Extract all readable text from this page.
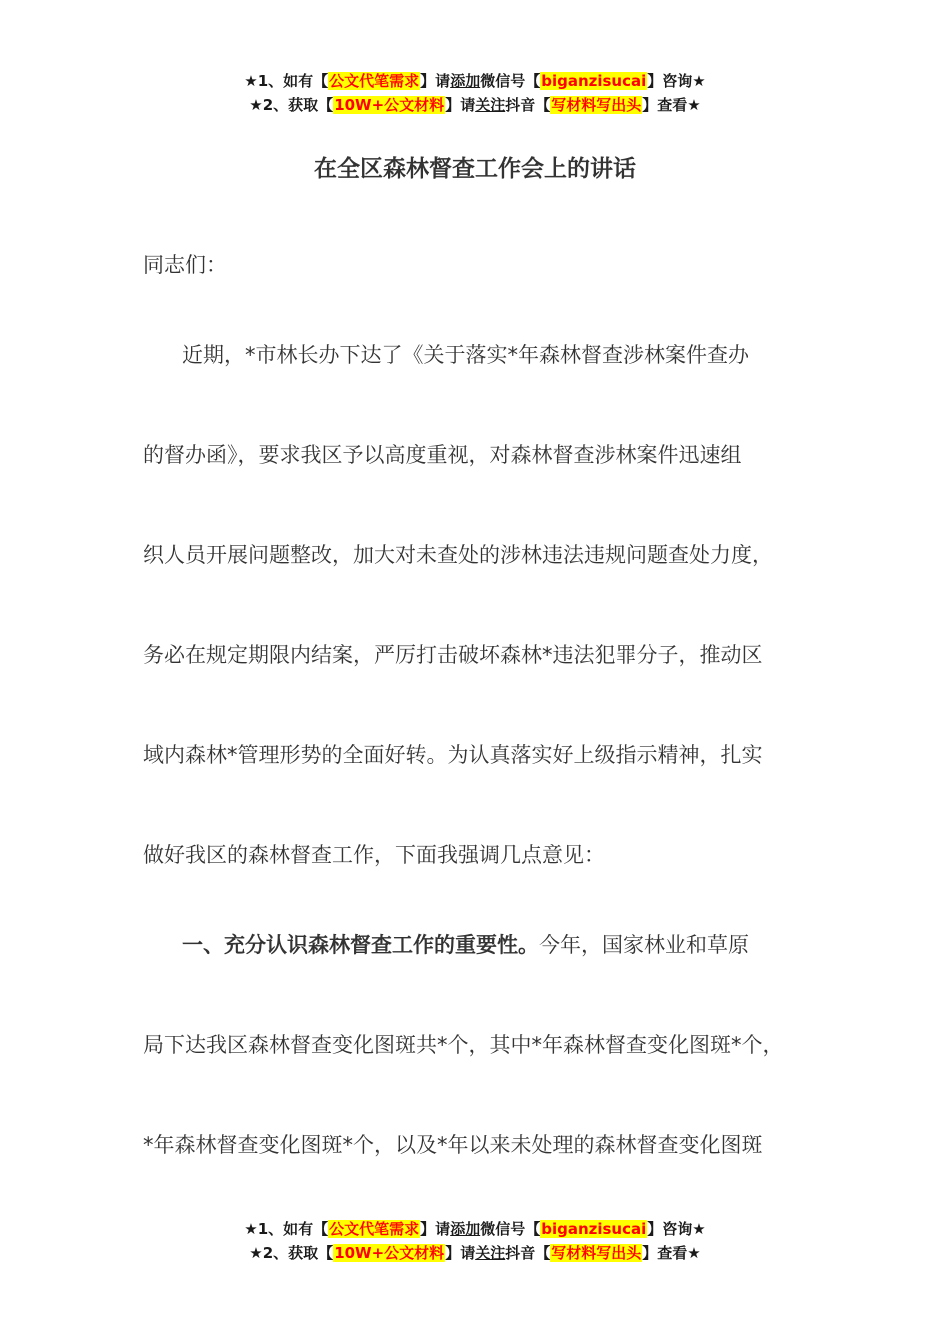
★1、如有【公文代笔需求】请添加微信号【biganzisucai】咨询★
★2、获取【10W+公文材料】请关注抖音【写材料写出头】查看★
在全区森林督查工作会上的讲话
同志们：
近期，*市林长办下达了《关于落实*年森林督查涉林案件查办
的督办函》，要求我区予以高度重视，对森林督查涉林案件迅速组
织人员开展问题整改，加大对未查处的涉林违法违规问题查处力度，
务必在规定期限内结案，严厉打击破坏森林*违法犯罪分子，推动区
域内森林*管理形势的全面好转。为认真落实好上级指示精神，扎实
做好我区的森林督查工作，下面我强调几点意见：
一、充分认识森林督查工作的重要性。今年，国家林业和草原
局下达我区森林督查变化图斑共*个，其中*年森林督查变化图斑*个，
*年森林督查变化图斑*个，以及*年以来未处理的森林督查变化图斑
★1、如有【公文代笔需求】请添加微信号【biganzisucai】咨询★
★2、获取【10W+公文材料】请关注抖音【写材料写出头】查看★
